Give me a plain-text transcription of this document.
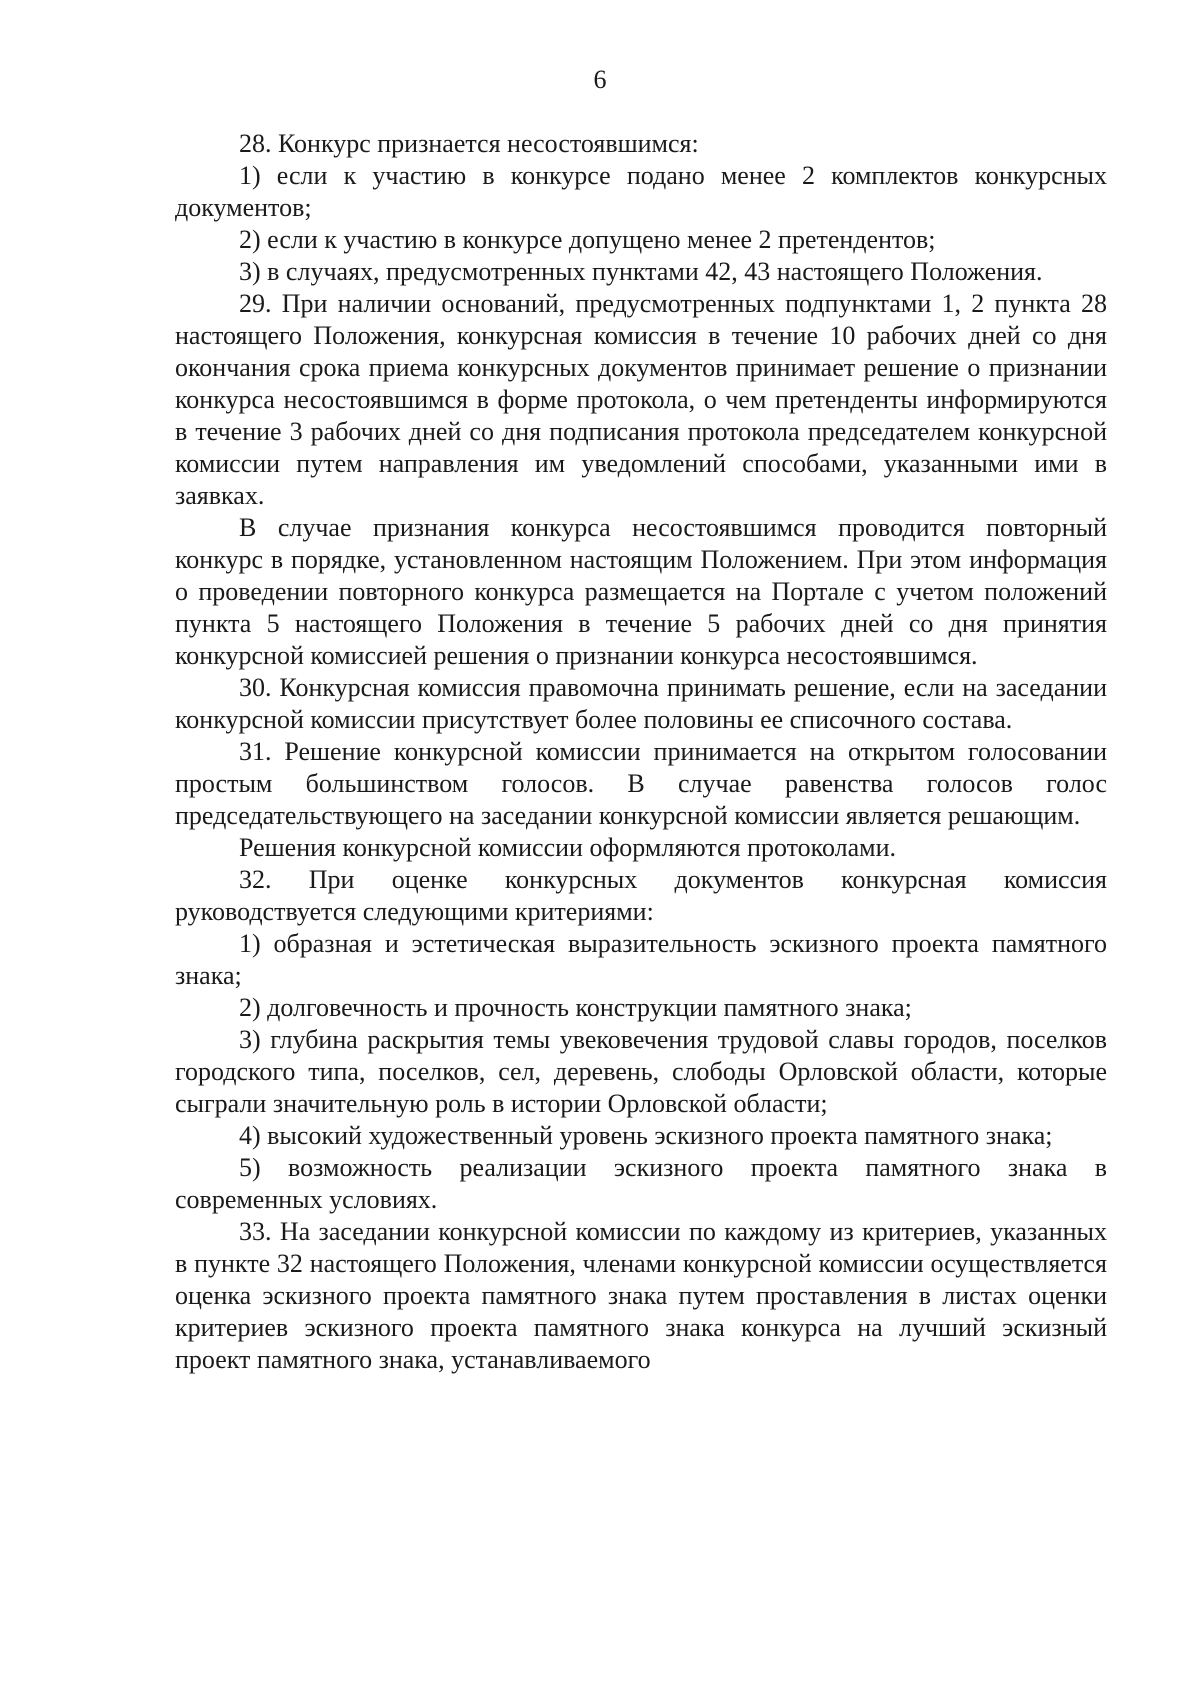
6

28. Конкурс признается несостоявшимся:

1) если к участию в конкурсе подано менее 2 комплектов конкурсных документов;

2) если к участию в конкурсе допущено менее 2 претендентов;

3) в случаях, предусмотренных пунктами 42, 43 настоящего Положения.

29. При наличии оснований, предусмотренных подпунктами 1, 2 пункта 28 настоящего Положения, конкурсная комиссия в течение 10 рабочих дней со дня окончания срока приема конкурсных документов принимает решение о признании конкурса несостоявшимся в форме протокола, о чем претенденты информируются в течение 3 рабочих дней со дня подписания протокола председателем конкурсной комиссии путем направления им уведомлений способами, указанными ими в заявках.

В случае признания конкурса несостоявшимся проводится повторный конкурс в порядке, установленном настоящим Положением. При этом информация о проведении повторного конкурса размещается на Портале с учетом положений пункта 5 настоящего Положения в течение 5 рабочих дней со дня принятия конкурсной комиссией решения о признании конкурса несостоявшимся.

30. Конкурсная комиссия правомочна принимать решение, если на заседании конкурсной комиссии присутствует более половины ее списочного состава.

31. Решение конкурсной комиссии принимается на открытом голосовании простым большинством голосов. В случае равенства голосов голос председательствующего на заседании конкурсной комиссии является решающим.

Решения конкурсной комиссии оформляются протоколами.

32. При оценке конкурсных документов конкурсная комиссия руководствуется следующими критериями:

1) образная и эстетическая выразительность эскизного проекта памятного знака;

2) долговечность и прочность конструкции памятного знака;

3) глубина раскрытия темы увековечения трудовой славы городов, поселков городского типа, поселков, сел, деревень, слободы Орловской области, которые сыграли значительную роль в истории Орловской области;

4) высокий художественный уровень эскизного проекта памятного знака;

5) возможность реализации эскизного проекта памятного знака в современных условиях.

33. На заседании конкурсной комиссии по каждому из критериев, указанных в пункте 32 настоящего Положения, членами конкурсной комиссии осуществляется оценка эскизного проекта памятного знака путем проставления в листах оценки критериев эскизного проекта памятного знака конкурса на лучший эскизный проект памятного знака, устанавливаемого
